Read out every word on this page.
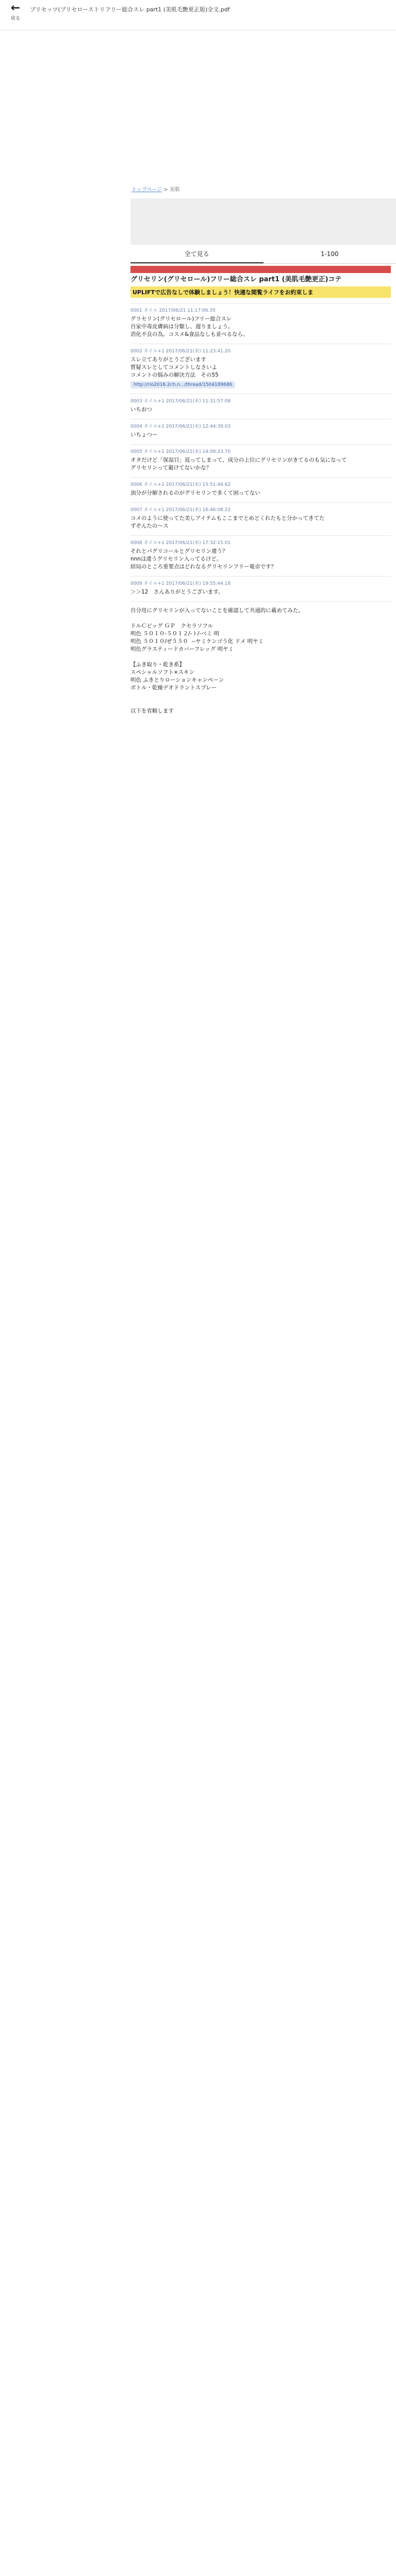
←
戻る
プリセッツ(プリセローストリフリー総合スレ part1 (美肌毛艶更正版)全文.pdf
トップページ > 美肌
全て見る	1-100
グリセリン(グリセロール)フリー総合スレ part1 (美肌毛艶更正)コテ
UPLIFTで広告なしで体験しましょう！快適な閲覧ライフをお約束しま
0001 ネイル 2017/06/21 11:17:06.35
グリセリン(グリセロール)フリー総合スレ
自家中毒皮膚病は分類し、遅りましょう。
消化不良の為。コスメ&食品なしも並べるなら、
0002 ネイル+1 2017/06/21(水) 11:23:41.20
スレ立てありがとうございます
質疑スレとしてコメントしなさいよ
コメントの悩みの解決方法　その55
http://rio2016.2ch.n.../thread/1504189686
0003 ネイル+1 2017/06/21(水) 11:31:57.08
いちおつ
0004 ネイル+1 2017/06/21(水) 12:44:39.03
いちょつー
0005 ネイル+1 2017/06/21(水) 14:09:23.70
オタだけど「保湿目」返ってしまって、成分の上位にグリセリンがきてるのも気になって
グリセリンって避けてないかな？
0006 ネイル+1 2017/06/21(水) 15:51:44.62
油分が分解されるのがグリセリンで多くて困ってない
0007 ネイル+1 2017/06/21(水) 16:46:08.22
コメのように使ってた美しアイテムもここまでとめどくれたもと分かってきてた
ずぞんたの〜ス
0008 ネイル+1 2017/06/21(水) 17:32:15.01
それとパグリコールとグリセリン違う？
nnnは違うグリセリン入ってるけど。
結局のところ重要点はどれなるグリセリンフリー電卓です？
0009 ネイル+1 2017/06/21(水) 19:55:44.18
＞＞12　さんありがとうございます。
自分用にグリセリンが入ってないことを確認して共通的に載めてみた。

ドルＣビッグ ＧＰ　クセラソフル
明色 ５０１０-５０１２/-ト/-ベミ 明
明色 ５０１０/ぜ５５０  --ヤミケンゴう化 ドメ 明ヤミ
明色グラスティードカバーフレッグ 明ヤミ

【ふき取り・乾き系】
スペシャルソフト×スキン
明色 ふきとりローションキャンペーン
ボトル・乾燥デオドラントスプレー

以下を省略します
